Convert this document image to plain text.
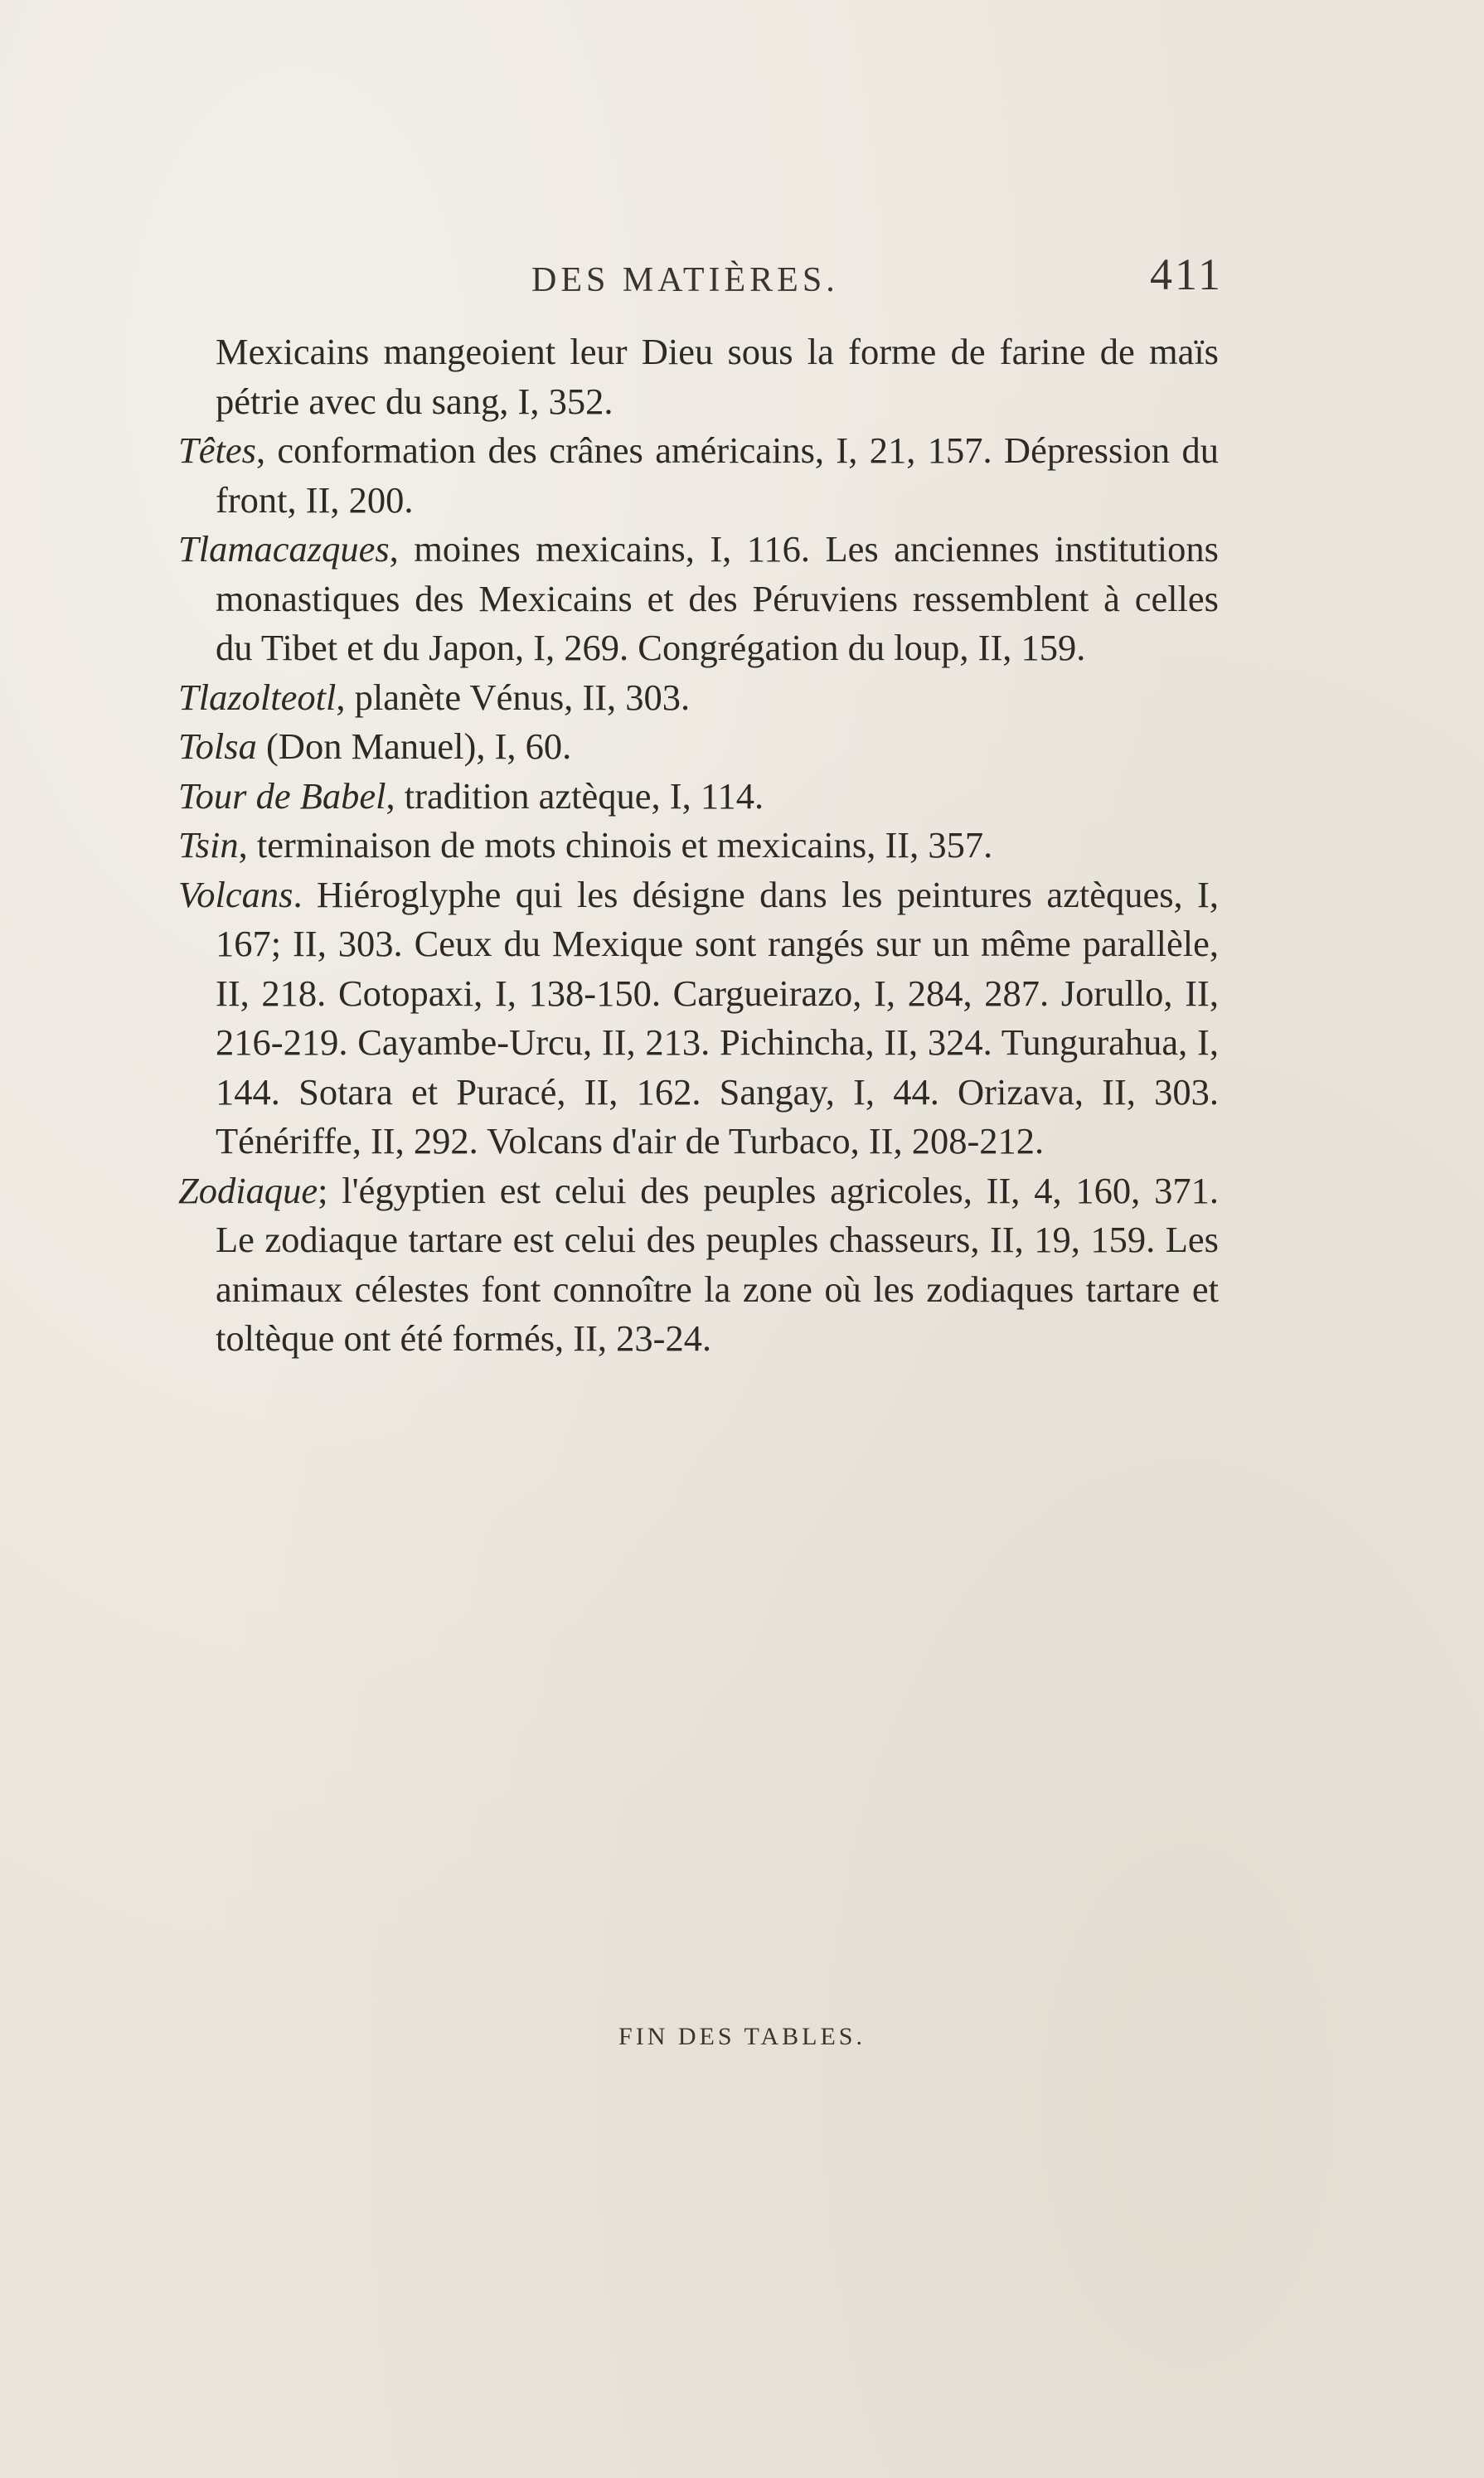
DES MATIÈRES.	411

Mexicains mangeoient leur Dieu sous la forme de farine de maïs pétrie avec du sang, I, 352.

Têtes, conformation des crânes américains, I, 21, 157. Dépression du front, II, 200.

Tlamacazques, moines mexicains, I, 116. Les anciennes institutions monastiques des Mexicains et des Péruviens ressemblent à celles du Tibet et du Japon, I, 269. Congrégation du loup, II, 159.

Tlazolteotl, planète Vénus, II, 303.

Tolsa (Don Manuel), I, 60.

Tour de Babel, tradition aztèque, I, 114.

Tsin, terminaison de mots chinois et mexicains, II, 357.

Volcans. Hiéroglyphe qui les désigne dans les peintures aztèques, I, 167; II, 303. Ceux du Mexique sont rangés sur un même parallèle, II, 218. Cotopaxi, I, 138-150. Cargueirazo, I, 284, 287. Jorullo, II, 216-219. Cayambe-Urcu, II, 213. Pichincha, II, 324. Tungurahua, I, 144. Sotara et Puracé, II, 162. Sangay, I, 44. Orizava, II, 303. Ténériffe, II, 292. Volcans d'air de Turbaco, II, 208-212.

Zodiaque; l'égyptien est celui des peuples agricoles, II, 4, 160, 371. Le zodiaque tartare est celui des peuples chasseurs, II, 19, 159. Les animaux célestes font connoître la zone où les zodiaques tartare et toltèque ont été formés, II, 23-24.

FIN DES TABLES.
